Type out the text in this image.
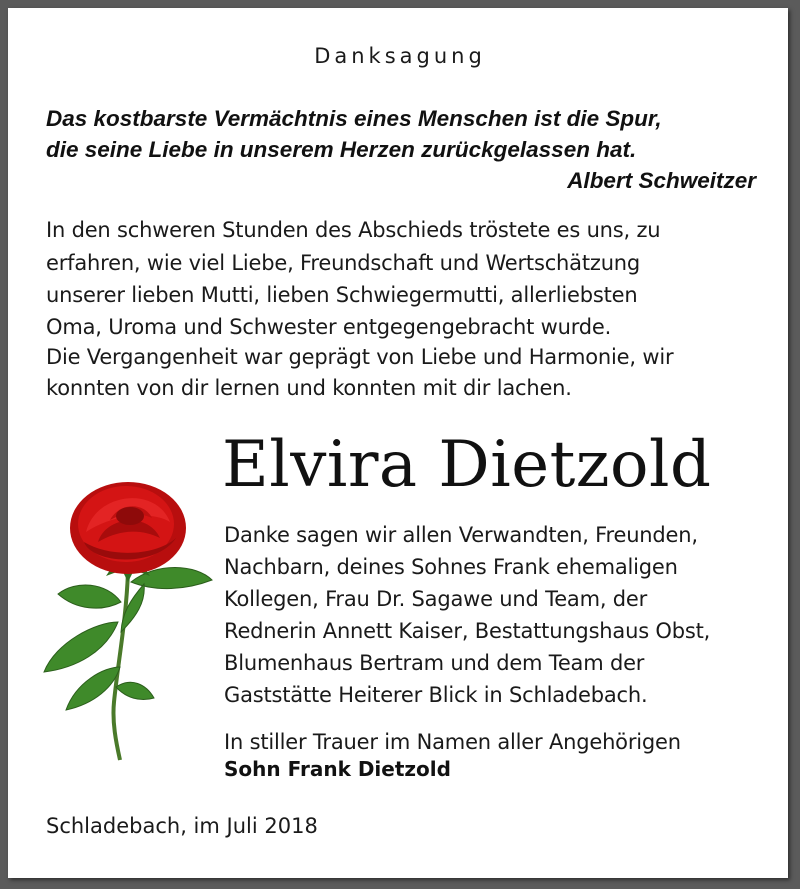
Danksagung
Das kostbarste Vermächtnis eines Menschen ist die Spur,
die seine Liebe in unserem Herzen zurückgelassen hat.
Albert Schweitzer
In den schweren Stunden des Abschieds tröstete es uns, zu
erfahren, wie viel Liebe, Freundschaft und Wertschätzung
unserer lieben Mutti, lieben Schwiegermutti, allerliebsten
Oma, Uroma und Schwester entgegengebracht wurde.
Die Vergangenheit war geprägt von Liebe und Harmonie, wir
konnten von dir lernen und konnten mit dir lachen.
Elvira Dietzold
Danke sagen wir allen Verwandten, Freunden,
Nachbarn, deines Sohnes Frank ehemaligen
Kollegen, Frau Dr. Sagawe und Team, der
Rednerin Annett Kaiser, Bestattungshaus Obst,
Blumenhaus Bertram und dem Team der
Gaststätte Heiterer Blick in Schladebach.
In stiller Trauer im Namen aller Angehörigen
Sohn Frank Dietzold
Schladebach, im Juli 2018
